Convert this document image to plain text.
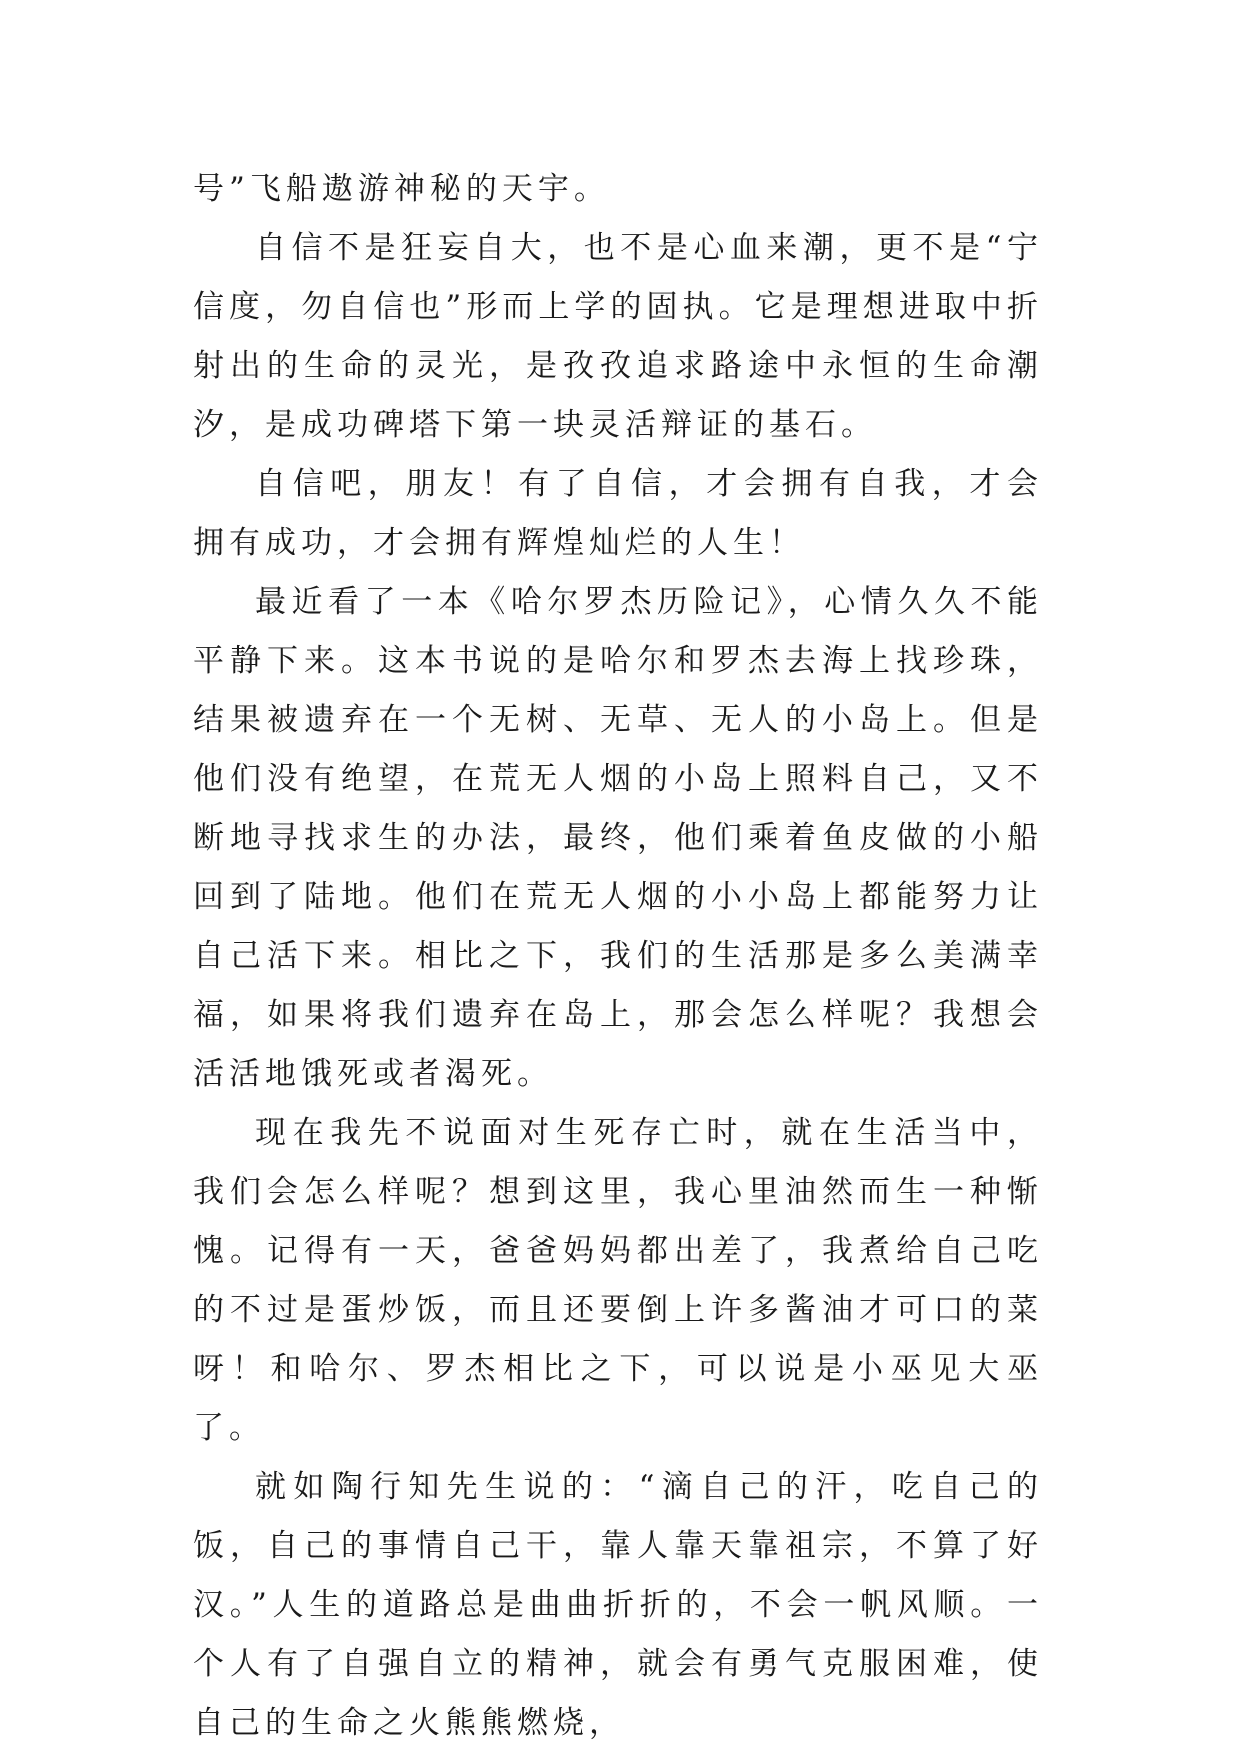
号”飞船遨游神秘的天宇。

自信不是狂妄自大，也不是心血来潮，更不是“宁信度，勿自信也”形而上学的固执。它是理想进取中折射出的生命的灵光，是孜孜追求路途中永恒的生命潮汐，是成功碑塔下第一块灵活辩证的基石。

自信吧，朋友！有了自信，才会拥有自我，才会拥有成功，才会拥有辉煌灿烂的人生！

最近看了一本《哈尔罗杰历险记》，心情久久不能平静下来。这本书说的是哈尔和罗杰去海上找珍珠，结果被遗弃在一个无树、无草、无人的小岛上。但是他们没有绝望，在荒无人烟的小岛上照料自己，又不断地寻找求生的办法，最终，他们乘着鱼皮做的小船回到了陆地。他们在荒无人烟的小小岛上都能努力让自己活下来。相比之下，我们的生活那是多么美满幸福，如果将我们遗弃在岛上，那会怎么样呢？我想会活活地饿死或者渴死。

现在我先不说面对生死存亡时，就在生活当中，我们会怎么样呢？想到这里，我心里油然而生一种惭愧。记得有一天，爸爸妈妈都出差了，我煮给自己吃的不过是蛋炒饭，而且还要倒上许多酱油才可口的菜呀！和哈尔、罗杰相比之下，可以说是小巫见大巫了。

就如陶行知先生说的：“滴自己的汗，吃自己的饭，自己的事情自己干，靠人靠天靠祖宗，不算了好汉。”人生的道路总是曲曲折折的，不会一帆风顺。一个人有了自强自立的精神，就会有勇气克服困难，使自己的生命之火熊熊燃烧，
